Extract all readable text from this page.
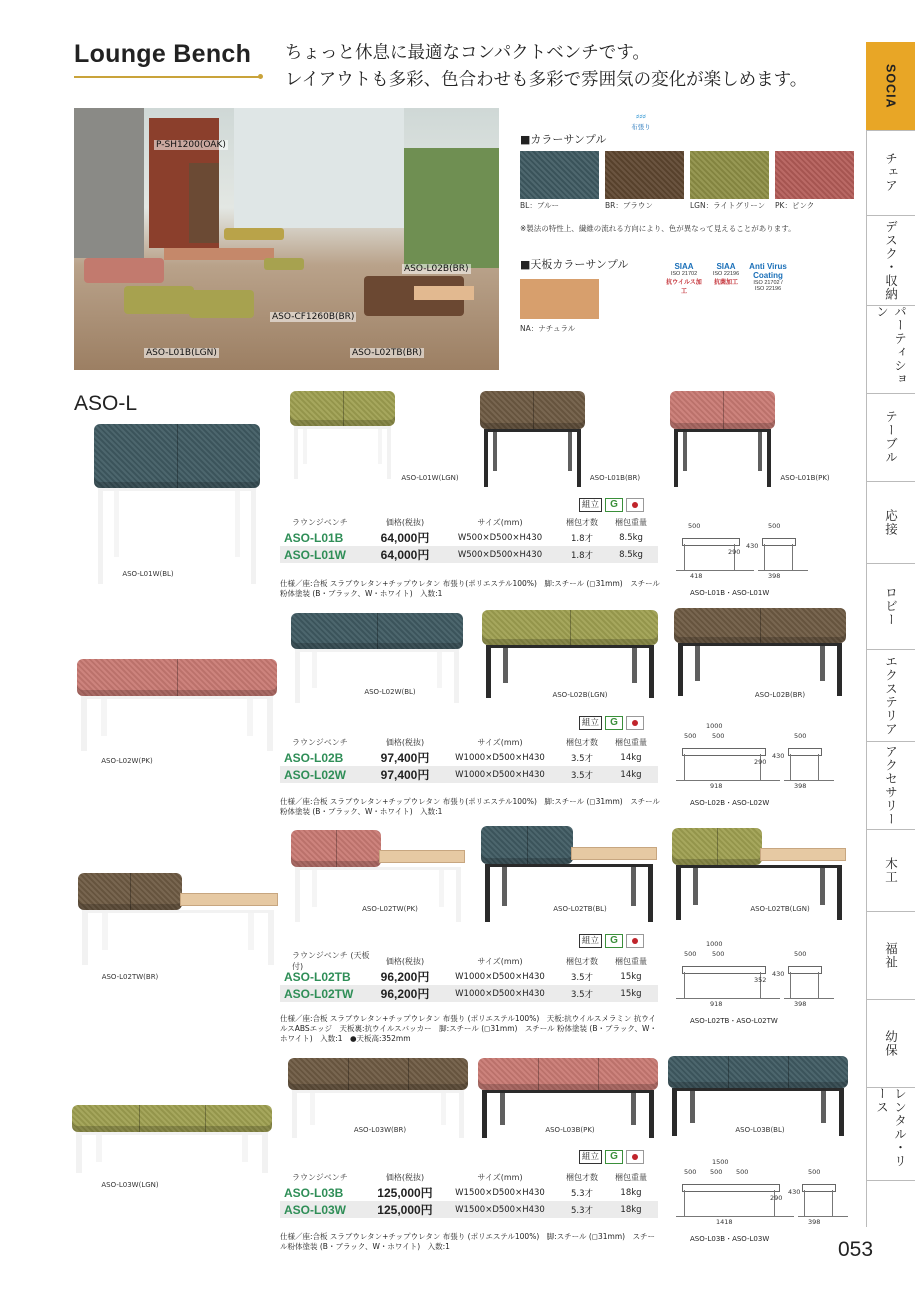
Lounge Bench ちょっと休息に最適なコンパクトベンチです。
レイアウトも多彩、色合わせも多彩で雰囲気の変化が楽しめます。	SOCIA
チェア
デスク・収納
パーティション
テーブル
応接
ロビー
エクステリア
アクセサリー
木工
福祉
幼保
レンタル・リース
P-SH1200(OAK)
ASO-L02B(BR)
ASO-CF1260B(BR)
ASO-L01B(LGN)	ASO-L02TB(BR)
■カラーサンプル
⸗⸗⸗
布張り
BL：ブルー	BR：ブラウン	LGN：ライトグリーン PK：ピンク
※製法の特性上、繊維の流れる方向により、色が異なって見えることがあります。
■天板カラーサンプル
NA：ナチュラル
SIAA
ISO 21702
抗ウイルス加工
SIAA
ISO 22196
抗菌加工
Anti Virus Coating
ISO 21702 / ISO 22196
ASO-L
ASO-L01W(BL)
ASO-L01W(LGN)	ASO-L01B(BR)	ASO-L01B(PK)
組立	G
ラウンジベンチ	価格(税抜)	サイズ(mm)	梱包才数	梱包重量
ASO-L01B	64,000円	W500×D500×H430	1.8才	8.5kg
ASO-L01W	64,000円	W500×D500×H430	1.8才	8.5kg
仕様／座:合板 スラブウレタン+チップウレタン 布張り(ポリエステル100%)　脚:スチール (◻31mm)　スチール粉体塗装 (B・ブラック、W・ホワイト)　入数:1
500	500
290
430
418	398
ASO-L01B・ASO-L01W
ASO-L02W(PK)
ASO-L02W(BL)	ASO-L02B(LGN)	ASO-L02B(BR)
組立	G
ラウンジベンチ	価格(税抜)	サイズ(mm)	梱包才数	梱包重量
ASO-L02B	97,400円	W1000×D500×H430	3.5才	14kg
ASO-L02W	97,400円	W1000×D500×H430	3.5才	14kg
仕様／座:合板 スラブウレタン+チップウレタン 布張り(ポリエステル100%)　脚:スチール (◻31mm)　スチール粉体塗装 (B・ブラック、W・ホワイト)　入数:1
1000
500 500	500
290
430
918	398
ASO-L02B・ASO-L02W
ASO-L02TW(BR)
ASO-L02TW(PK)	ASO-L02TB(BL)	ASO-L02TB(LGN)
組立	G
ラウンジベンチ (天板付)
価格(税抜)	サイズ(mm)	梱包才数	梱包重量
ASO-L02TB	96,200円	W1000×D500×H430	3.5才	15kg
ASO-L02TW	96,200円	W1000×D500×H430	3.5才	15kg
仕様／座:合板 スラブウレタン+チップウレタン 布張り (ポリエステル100%)　天板:抗ウイルスメラミン 抗ウイルスABSエッジ　天板裏:抗ウイルスバッカー　脚:スチール (◻31mm)　スチール 粉体塗装 (B・ブラック、W・ホワイト)　入数:1　●天板高:352mm
1000
500 500	500
352
430
918	398
ASO-L02TB・ASO-L02TW
ASO-L03W(LGN)
ASO-L03W(BR)	ASO-L03B(PK)	ASO-L03B(BL)
組立	G
ラウンジベンチ	価格(税抜)	サイズ(mm)	梱包才数	梱包重量
ASO-L03B	125,000円	W1500×D500×H430	5.3才	18kg
ASO-L03W	125,000円	W1500×D500×H430	5.3才	18kg
仕様／座:合板 スラブウレタン+チップウレタン 布張り (ポリエステル100%)　脚:スチール (◻31mm)　スチール粉体塗装 (B・ブラック、W・ホワイト)　入数:1
1500
500 500 500	500
290
430
1418	398
ASO-L03B・ASO-L03W	053
